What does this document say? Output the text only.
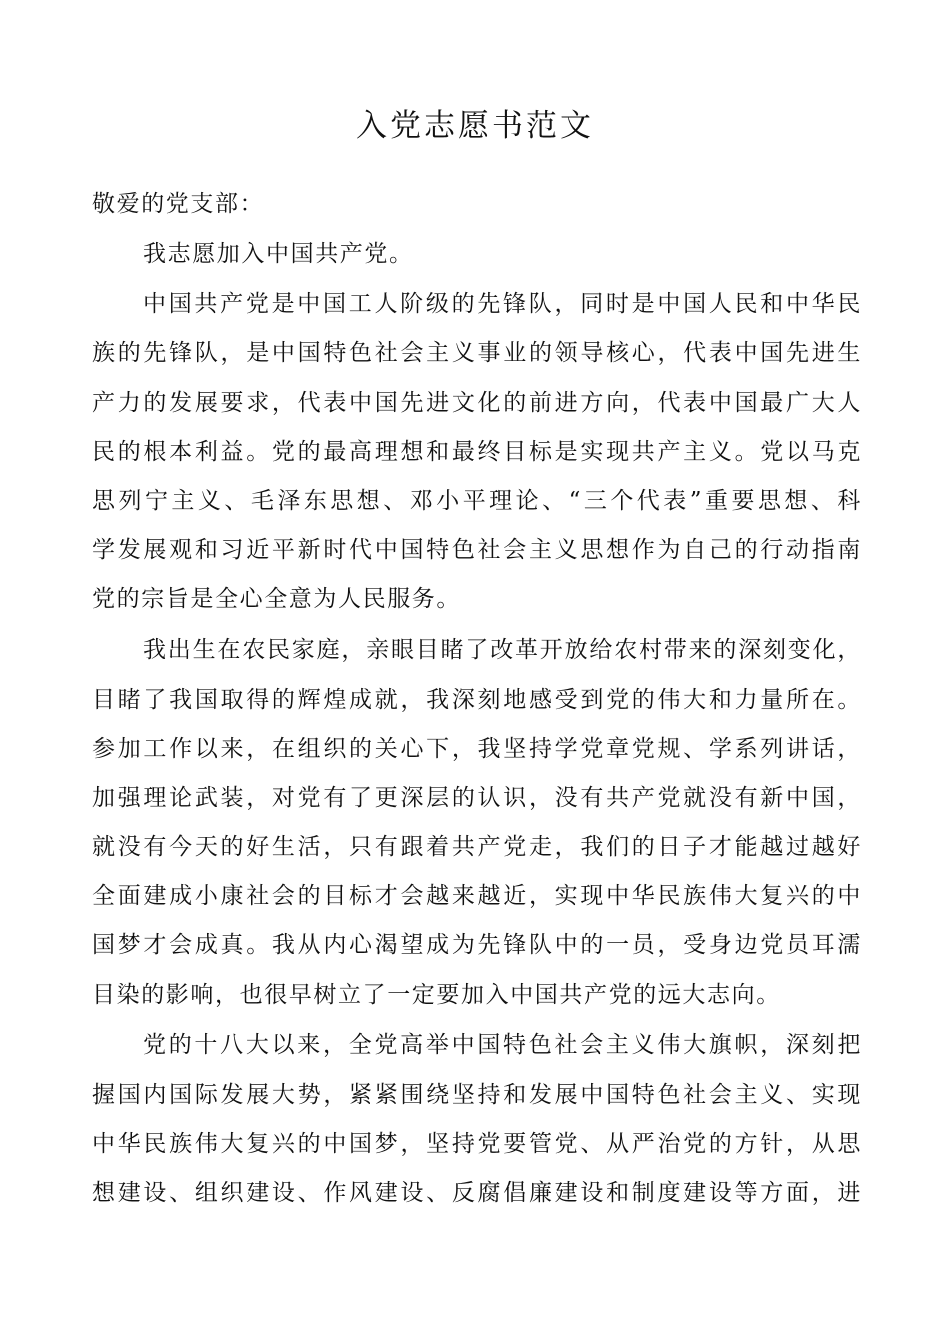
入党志愿书范文
敬爱的党支部：
我志愿加入中国共产党。
中国共产党是中国工人阶级的先锋队，同时是中国人民和中华民
族的先锋队，是中国特色社会主义事业的领导核心，代表中国先进生
产力的发展要求，代表中国先进文化的前进方向，代表中国最广大人
民的根本利益。党的最高理想和最终目标是实现共产主义。党以马克
思列宁主义、毛泽东思想、邓小平理论、“三个代表”重要思想、科
学发展观和习近平新时代中国特色社会主义思想作为自己的行动指南
党的宗旨是全心全意为人民服务。
我出生在农民家庭，亲眼目睹了改革开放给农村带来的深刻变化，
目睹了我国取得的辉煌成就，我深刻地感受到党的伟大和力量所在。
参加工作以来，在组织的关心下，我坚持学党章党规、学系列讲话，
加强理论武装，对党有了更深层的认识，没有共产党就没有新中国，
就没有今天的好生活，只有跟着共产党走，我们的日子才能越过越好
全面建成小康社会的目标才会越来越近，实现中华民族伟大复兴的中
国梦才会成真。我从内心渴望成为先锋队中的一员，受身边党员耳濡
目染的影响，也很早树立了一定要加入中国共产党的远大志向。
党的十八大以来，全党高举中国特色社会主义伟大旗帜，深刻把
握国内国际发展大势，紧紧围绕坚持和发展中国特色社会主义、实现
中华民族伟大复兴的中国梦，坚持党要管党、从严治党的方针，从思
想建设、组织建设、作风建设、反腐倡廉建设和制度建设等方面，进
